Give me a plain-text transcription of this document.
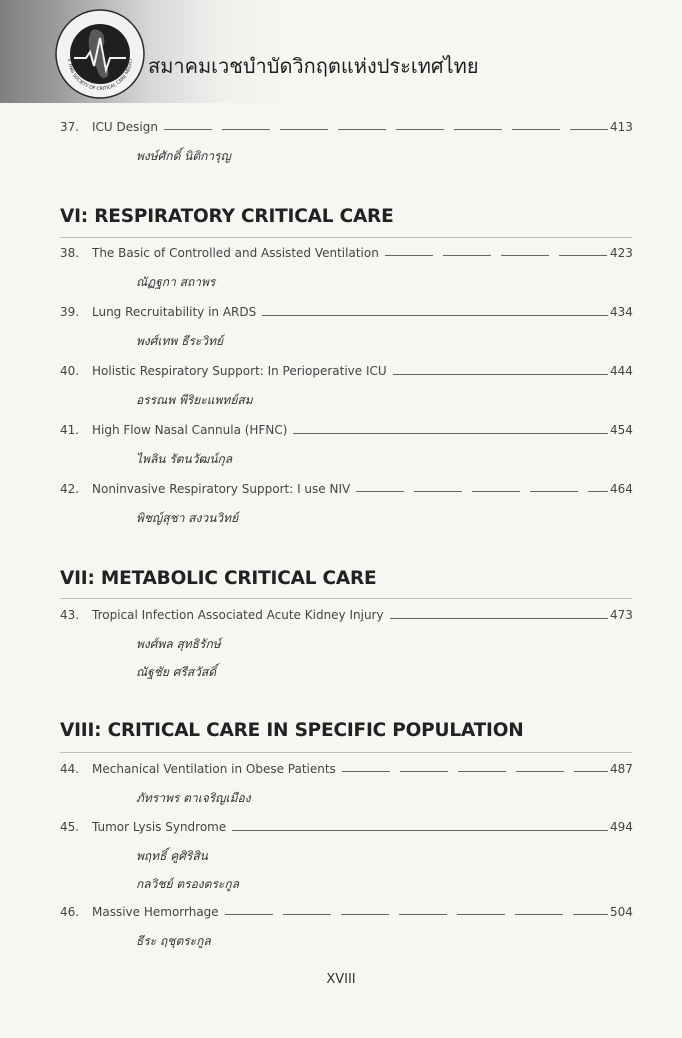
E THAI SOCIETY OF CRITICAL CARE MEDICI สมาคมเวชบำบัดวิกฤตแห่งประเทศไทย
37.	ICU Design	413
พงษ์ศักดิ์ นิติการุญ
VI: RESPIRATORY CRITICAL CARE
38.	The Basic of Controlled and Assisted Ventilation	423
ณัฏฐกา สถาพร
39.	Lung Recruitability in ARDS	434
พงศ์เทพ ธีระวิทย์
40.	Holistic Respiratory Support: In Perioperative ICU	444
อรรณพ พีริยะแพทย์สม
41.	High Flow Nasal Cannula (HFNC)	454
ไพลิน รัตนวัฒน์กุล
42.	Noninvasive Respiratory Support: I use NIV	464
พิชญ์สุชา สงวนวิทย์
VII: METABOLIC CRITICAL CARE
43.	Tropical Infection Associated Acute Kidney Injury	473
พงศ์พล สุทธิรักษ์
ณัฐชัย ศรีสวัสดิ์
VIII: CRITICAL CARE IN SPECIFIC POPULATION
44.	Mechanical Ventilation in Obese Patients	487
ภัทราพร ตาเจริญเมือง
45.	Tumor Lysis Syndrome	494
พฤทธิ์ คูศิริสิน
กลวิชย์ ตรองตระกูล
46.	Massive Hemorrhage	504
ธีระ ฤชุตระกูล
XVIII
